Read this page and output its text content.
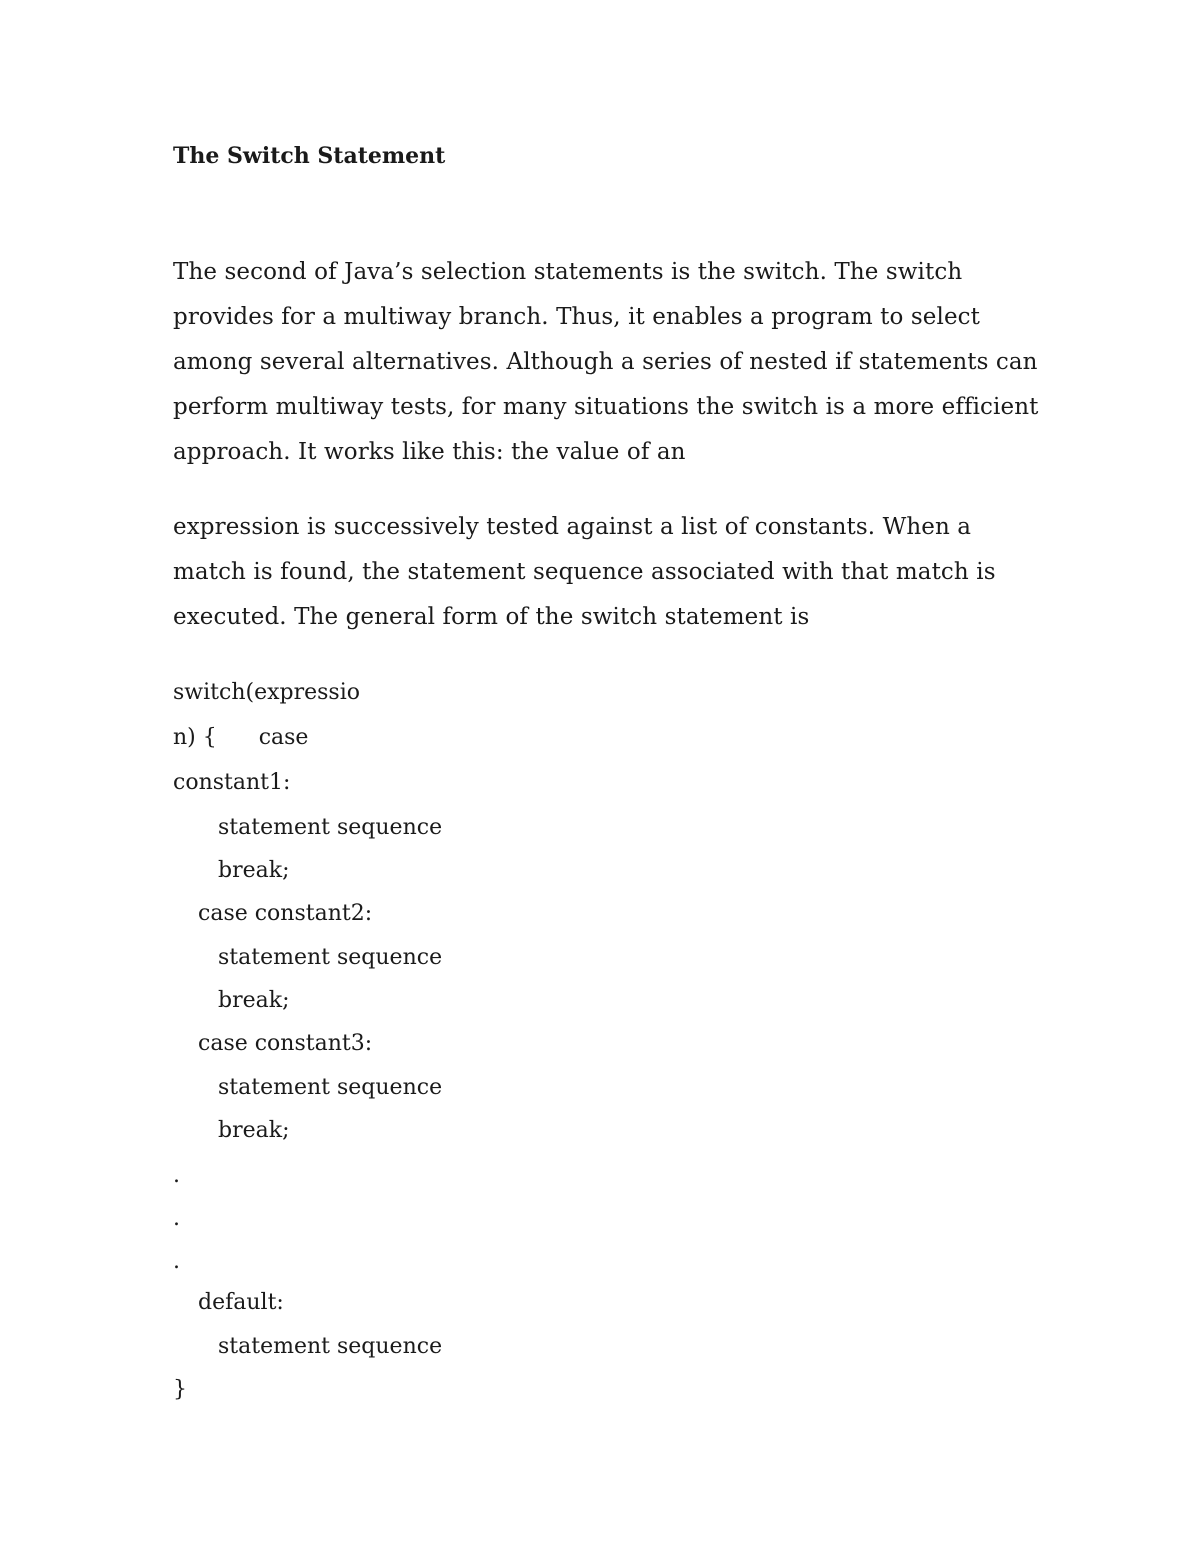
The Switch Statement
The second of Java’s selection statements is the switch. The switch
provides for a multiway branch. Thus, it enables a program to select
among several alternatives. Although a series of nested if statements can
perform multiway tests, for many situations the switch is a more efficient
approach. It works like this: the value of an
expression is successively tested against a list of constants. When a
match is found, the statement sequence associated with that match is
executed. The general form of the switch statement is
switch(expressio
n) {      case
constant1:
statement sequence
break;
case constant2:
statement sequence
break;
case constant3:
statement sequence
break;
.
.
.
default:
statement sequence
}
